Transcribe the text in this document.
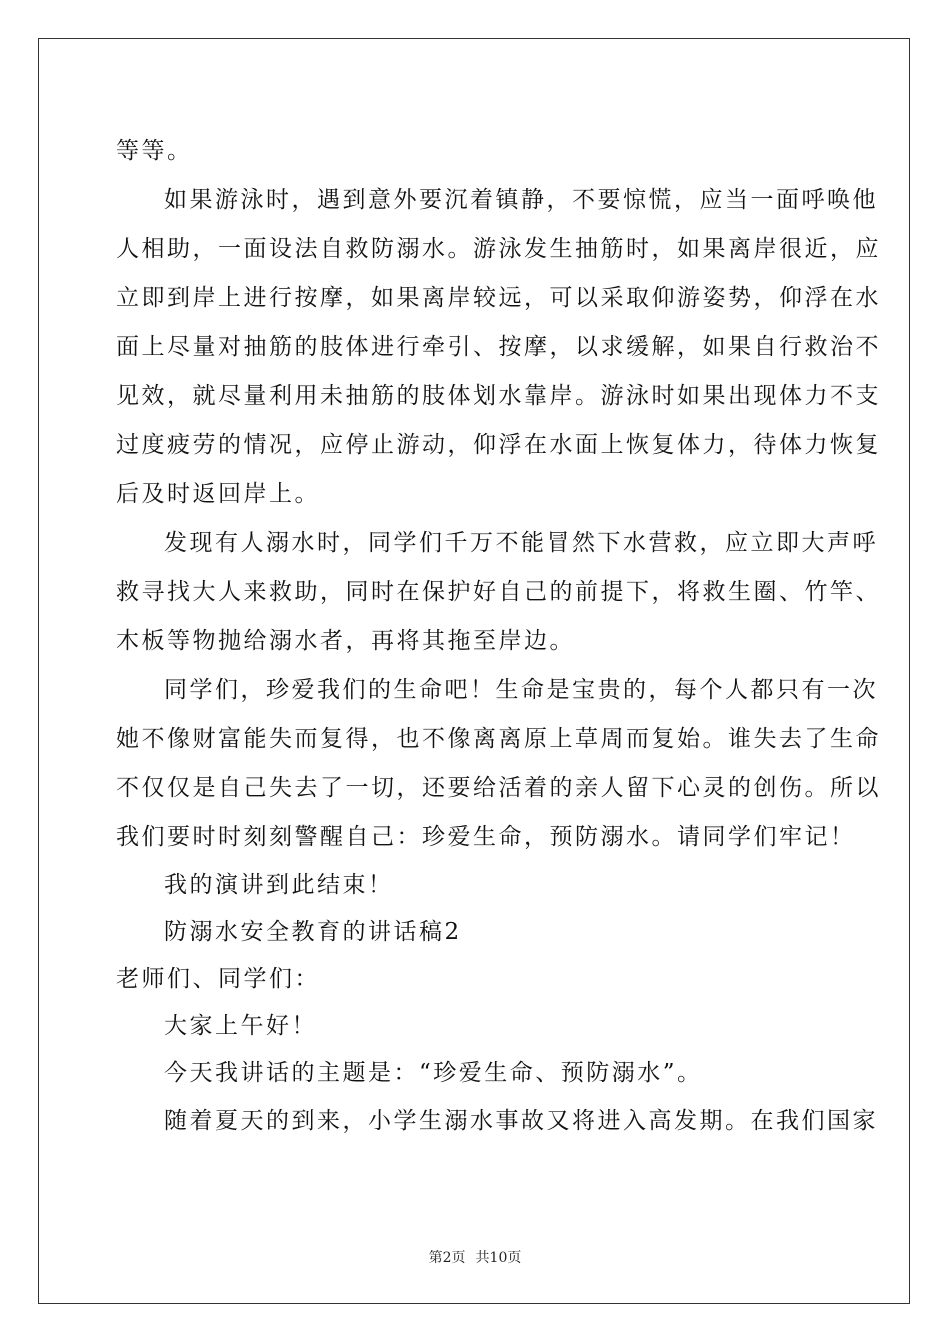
等等。
如果游泳时，遇到意外要沉着镇静，不要惊慌，应当一面呼唤他
人相助，一面设法自救防溺水。游泳发生抽筋时，如果离岸很近，应
立即到岸上进行按摩，如果离岸较远，可以采取仰游姿势，仰浮在水
面上尽量对抽筋的肢体进行牵引、按摩，以求缓解，如果自行救治不
见效，就尽量利用未抽筋的肢体划水靠岸。游泳时如果出现体力不支
过度疲劳的情况，应停止游动，仰浮在水面上恢复体力，待体力恢复
后及时返回岸上。
发现有人溺水时，同学们千万不能冒然下水营救，应立即大声呼
救寻找大人来救助，同时在保护好自己的前提下，将救生圈、竹竿、
木板等物抛给溺水者，再将其拖至岸边。
同学们，珍爱我们的生命吧！生命是宝贵的，每个人都只有一次
她不像财富能失而复得，也不像离离原上草周而复始。谁失去了生命
不仅仅是自己失去了一切，还要给活着的亲人留下心灵的创伤。所以
我们要时时刻刻警醒自己：珍爱生命，预防溺水。请同学们牢记！
我的演讲到此结束！
防溺水安全教育的讲话稿2
老师们、同学们：
大家上午好！
今天我讲话的主题是：“珍爱生命、预防溺水”。
随着夏天的到来，小学生溺水事故又将进入高发期。在我们国家
第2页 共10页
